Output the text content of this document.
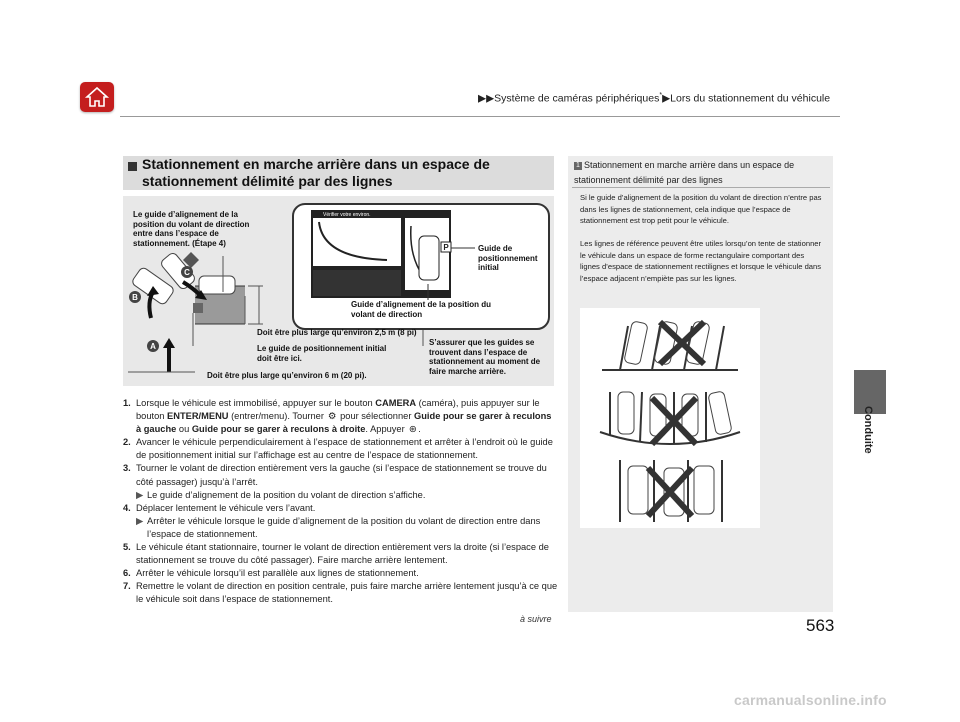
▶▶Système de caméras périphériques*▶Lors du stationnement du véhicule
Conduite
Stationnement en marche arrière dans un espace de stationnement délimité par des lignes
A
B
C
Vérifier votre environ.
P
Le guide d’alignement de la position du volant de direction entre dans l’espace de stationnement. (Étape 4)
Guide de positionnement initial
Guide d’alignement de la position du volant de direction
Doit être plus large qu’environ 2,5 m (8 pi)
Le guide de positionnement initial doit être ici.
S’assurer que les guides se trouvent dans l’espace de stationnement au moment de faire marche arrière.
Doit être plus large qu’environ 6 m (20 pi).
1. Lorsque le véhicule est immobilisé, appuyer sur le bouton CAMERA (caméra), puis appuyer sur le bouton ENTER/MENU (entrer/menu). Tourner ⚙ pour sélectionner Guide pour se garer à reculons à gauche ou Guide pour se garer à reculons à droite. Appuyer ⊛ .
2. Avancer le véhicule perpendiculairement à l’espace de stationnement et arrêter à l’endroit où le guide de positionnement initial sur l’affichage est au centre de l’espace de stationnement.
3. Tourner le volant de direction entièrement vers la gauche (si l’espace de stationnement se trouve du côté passager) jusqu’à l’arrêt.
▶ Le guide d’alignement de la position du volant de direction s’affiche.
4. Déplacer lentement le véhicule vers l’avant.
▶ Arrêter le véhicule lorsque le guide d’alignement de la position du volant de direction entre dans l’espace de stationnement.
5. Le véhicule étant stationnaire, tourner le volant de direction entièrement vers la droite (si l’espace de stationnement se trouve du côté passager). Faire marche arrière lentement.
6. Arrêter le véhicule lorsqu’il est parallèle aux lignes de stationnement.
7. Remettre le volant de direction en position centrale, puis faire marche arrière lentement jusqu’à ce que le véhicule soit dans l’espace de stationnement.
1 Stationnement en marche arrière dans un espace de stationnement délimité par des lignes
Si le guide d’alignement de la position du volant de direction n’entre pas dans les lignes de stationnement, cela indique que l’espace de stationnement est trop petit pour le véhicule.
Les lignes de référence peuvent être utiles lorsqu’on tente de stationner le véhicule dans un espace de forme rectangulaire comportant des lignes d’espace de stationnement rectilignes et lorsque le véhicule dans l’espace adjacent n’empiète pas sur les lignes.
à suivre	563
carmanualsonline.info
